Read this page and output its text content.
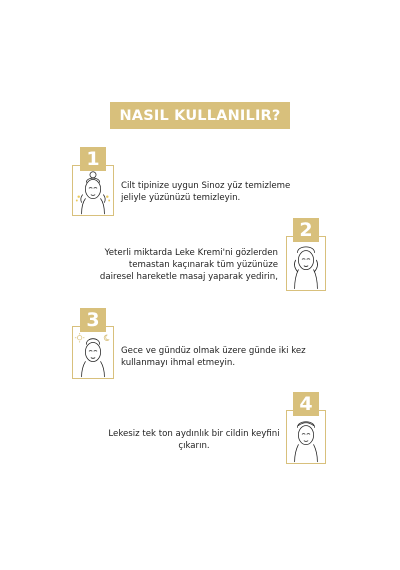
NASIL KULLANILIR?
1
Cilt tipinize uygun Sinoz yüz temizleme
jeliyle yüzünüzü temizleyin.
2
Yeterli miktarda Leke Kremi'ni gözlerden
temastan kaçınarak tüm yüzünüze
dairesel hareketle masaj yaparak yedirin,
3
Gece ve gündüz olmak üzere günde iki kez
kullanmayı ihmal etmeyin.
4
Lekesiz tek ton aydınlık bir cildin keyfini
çıkarın.
